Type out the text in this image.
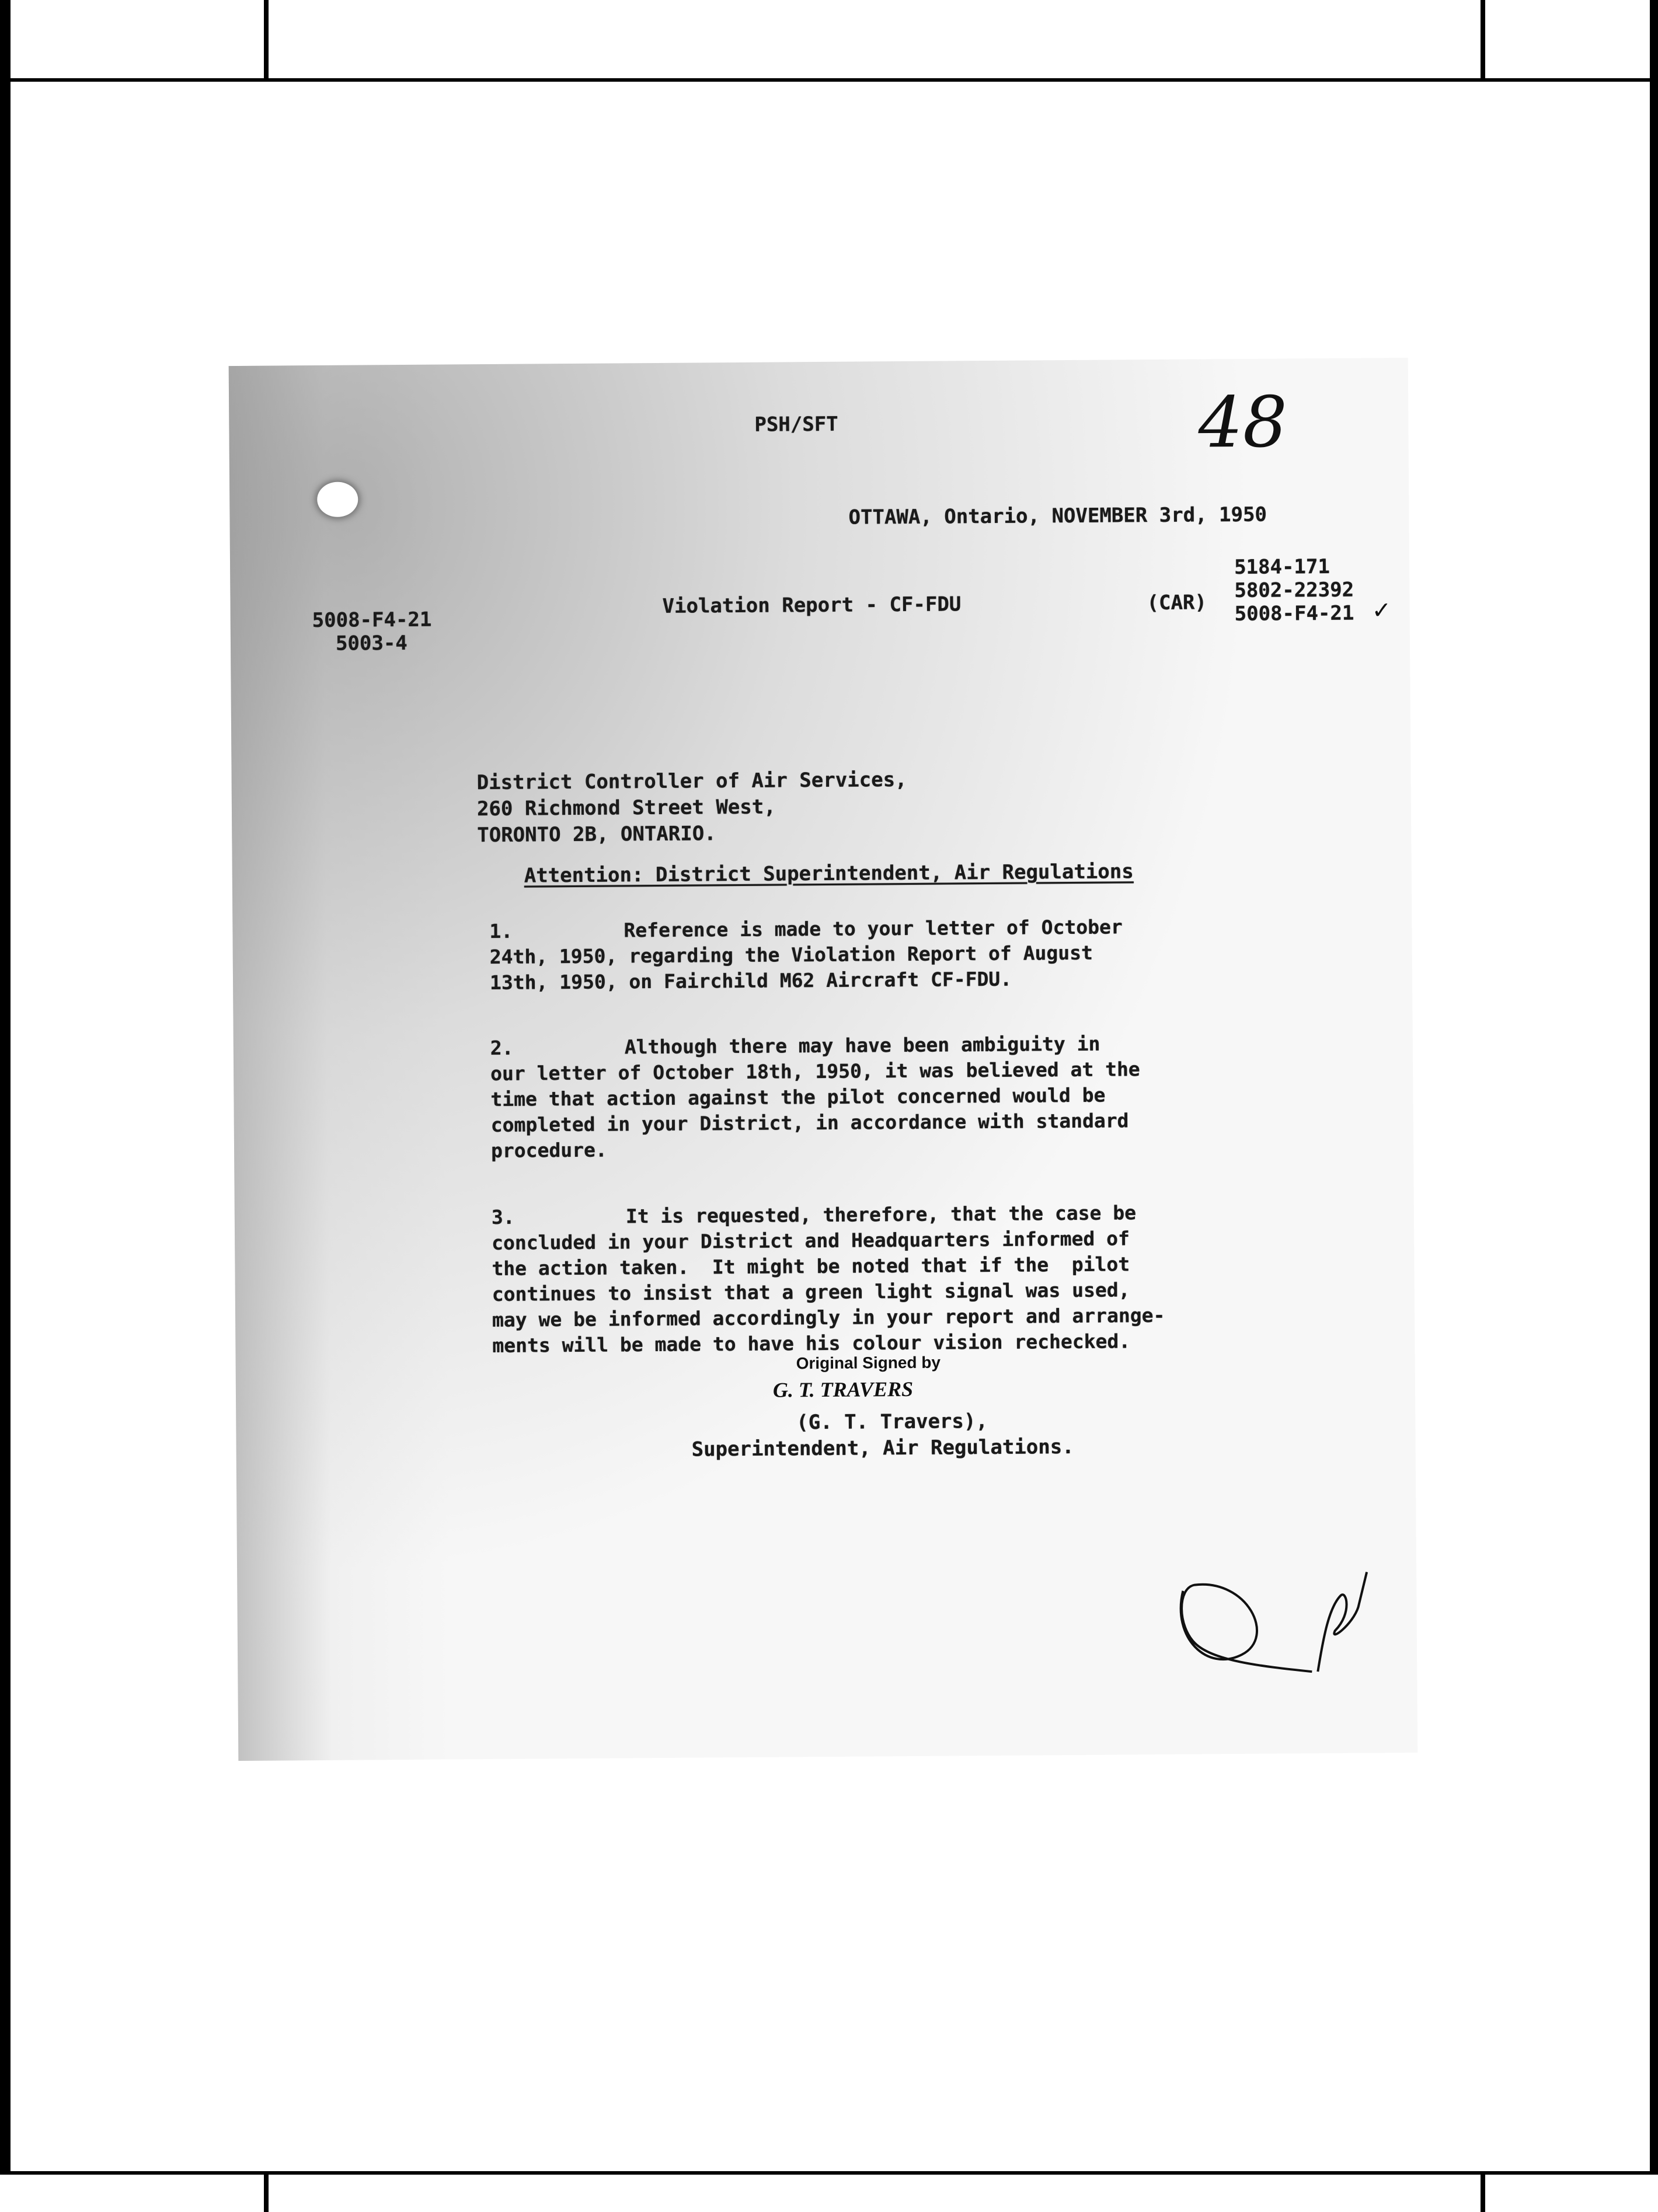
PSH/SFT	48
OTTAWA, Ontario, NOVEMBER 3rd, 1950
5008-F4-21
5003-4
Violation Report - CF-FDU	(CAR)
5184-171
5802-22392
5008-F4-21 ✓
District Controller of Air Services,
260 Richmond Street West,
TORONTO 2B, ONTARIO.
Attention: District Superintendent, Air Regulations
1.	Reference is made to your letter of October
24th, 1950, regarding the Violation Report of August
13th, 1950, on Fairchild M62 Aircraft CF-FDU.
2.	Although there may have been ambiguity in
our letter of October 18th, 1950, it was believed at the
time that action against the pilot concerned would be
completed in your District, in accordance with standard
procedure.
3.	It is requested, therefore, that the case be
concluded in your District and Headquarters informed of
the action taken.  It might be noted that if the  pilot
continues to insist that a green light signal was used,
may we be informed accordingly in your report and arrange-
ments will be made to have his colour vision rechecked.
Original Signed by
G. T. TRAVERS
(G. T. Travers),
Superintendent, Air Regulations.
